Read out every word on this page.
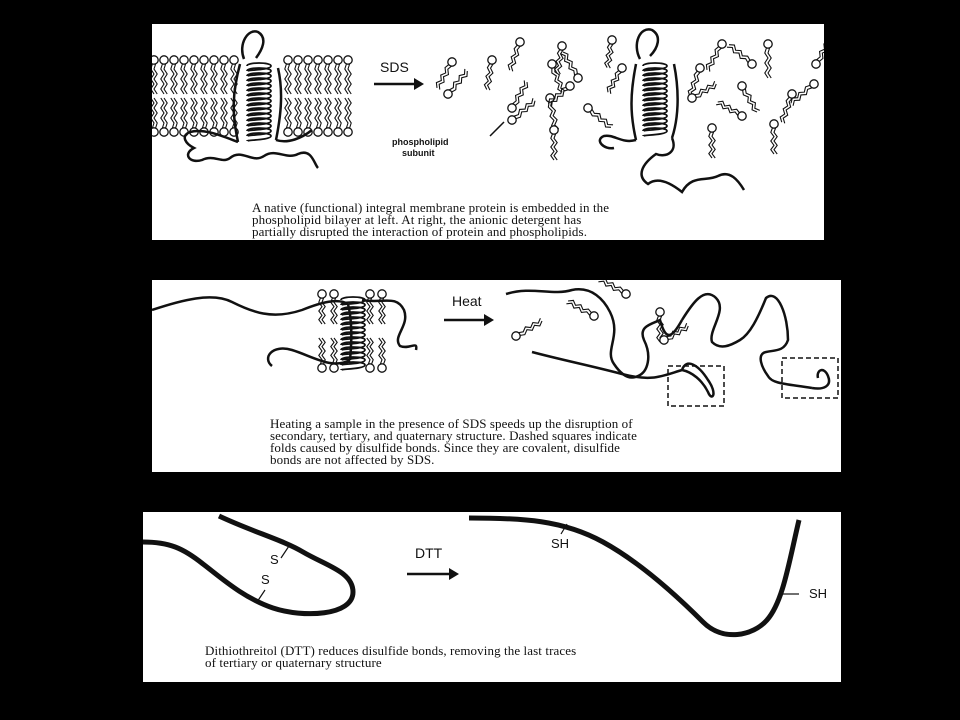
SDS
phospholipid
subunit
A native (functional) integral membrane protein is embedded in the
phospholipid bilayer at left. At right, the anionic detergent has
partially disrupted the interaction of protein and phospholipids.
Heat
Heating a sample in the presence of SDS speeds up the disruption of
secondary, tertiary, and quaternary structure. Dashed squares indicate
folds caused by disulfide bonds. Since they are covalent, disulfide
bonds are not affected by SDS.
S
S
DTT
SH
SH
Dithiothreitol (DTT) reduces disulfide bonds, removing the last traces
of tertiary or quaternary structure
